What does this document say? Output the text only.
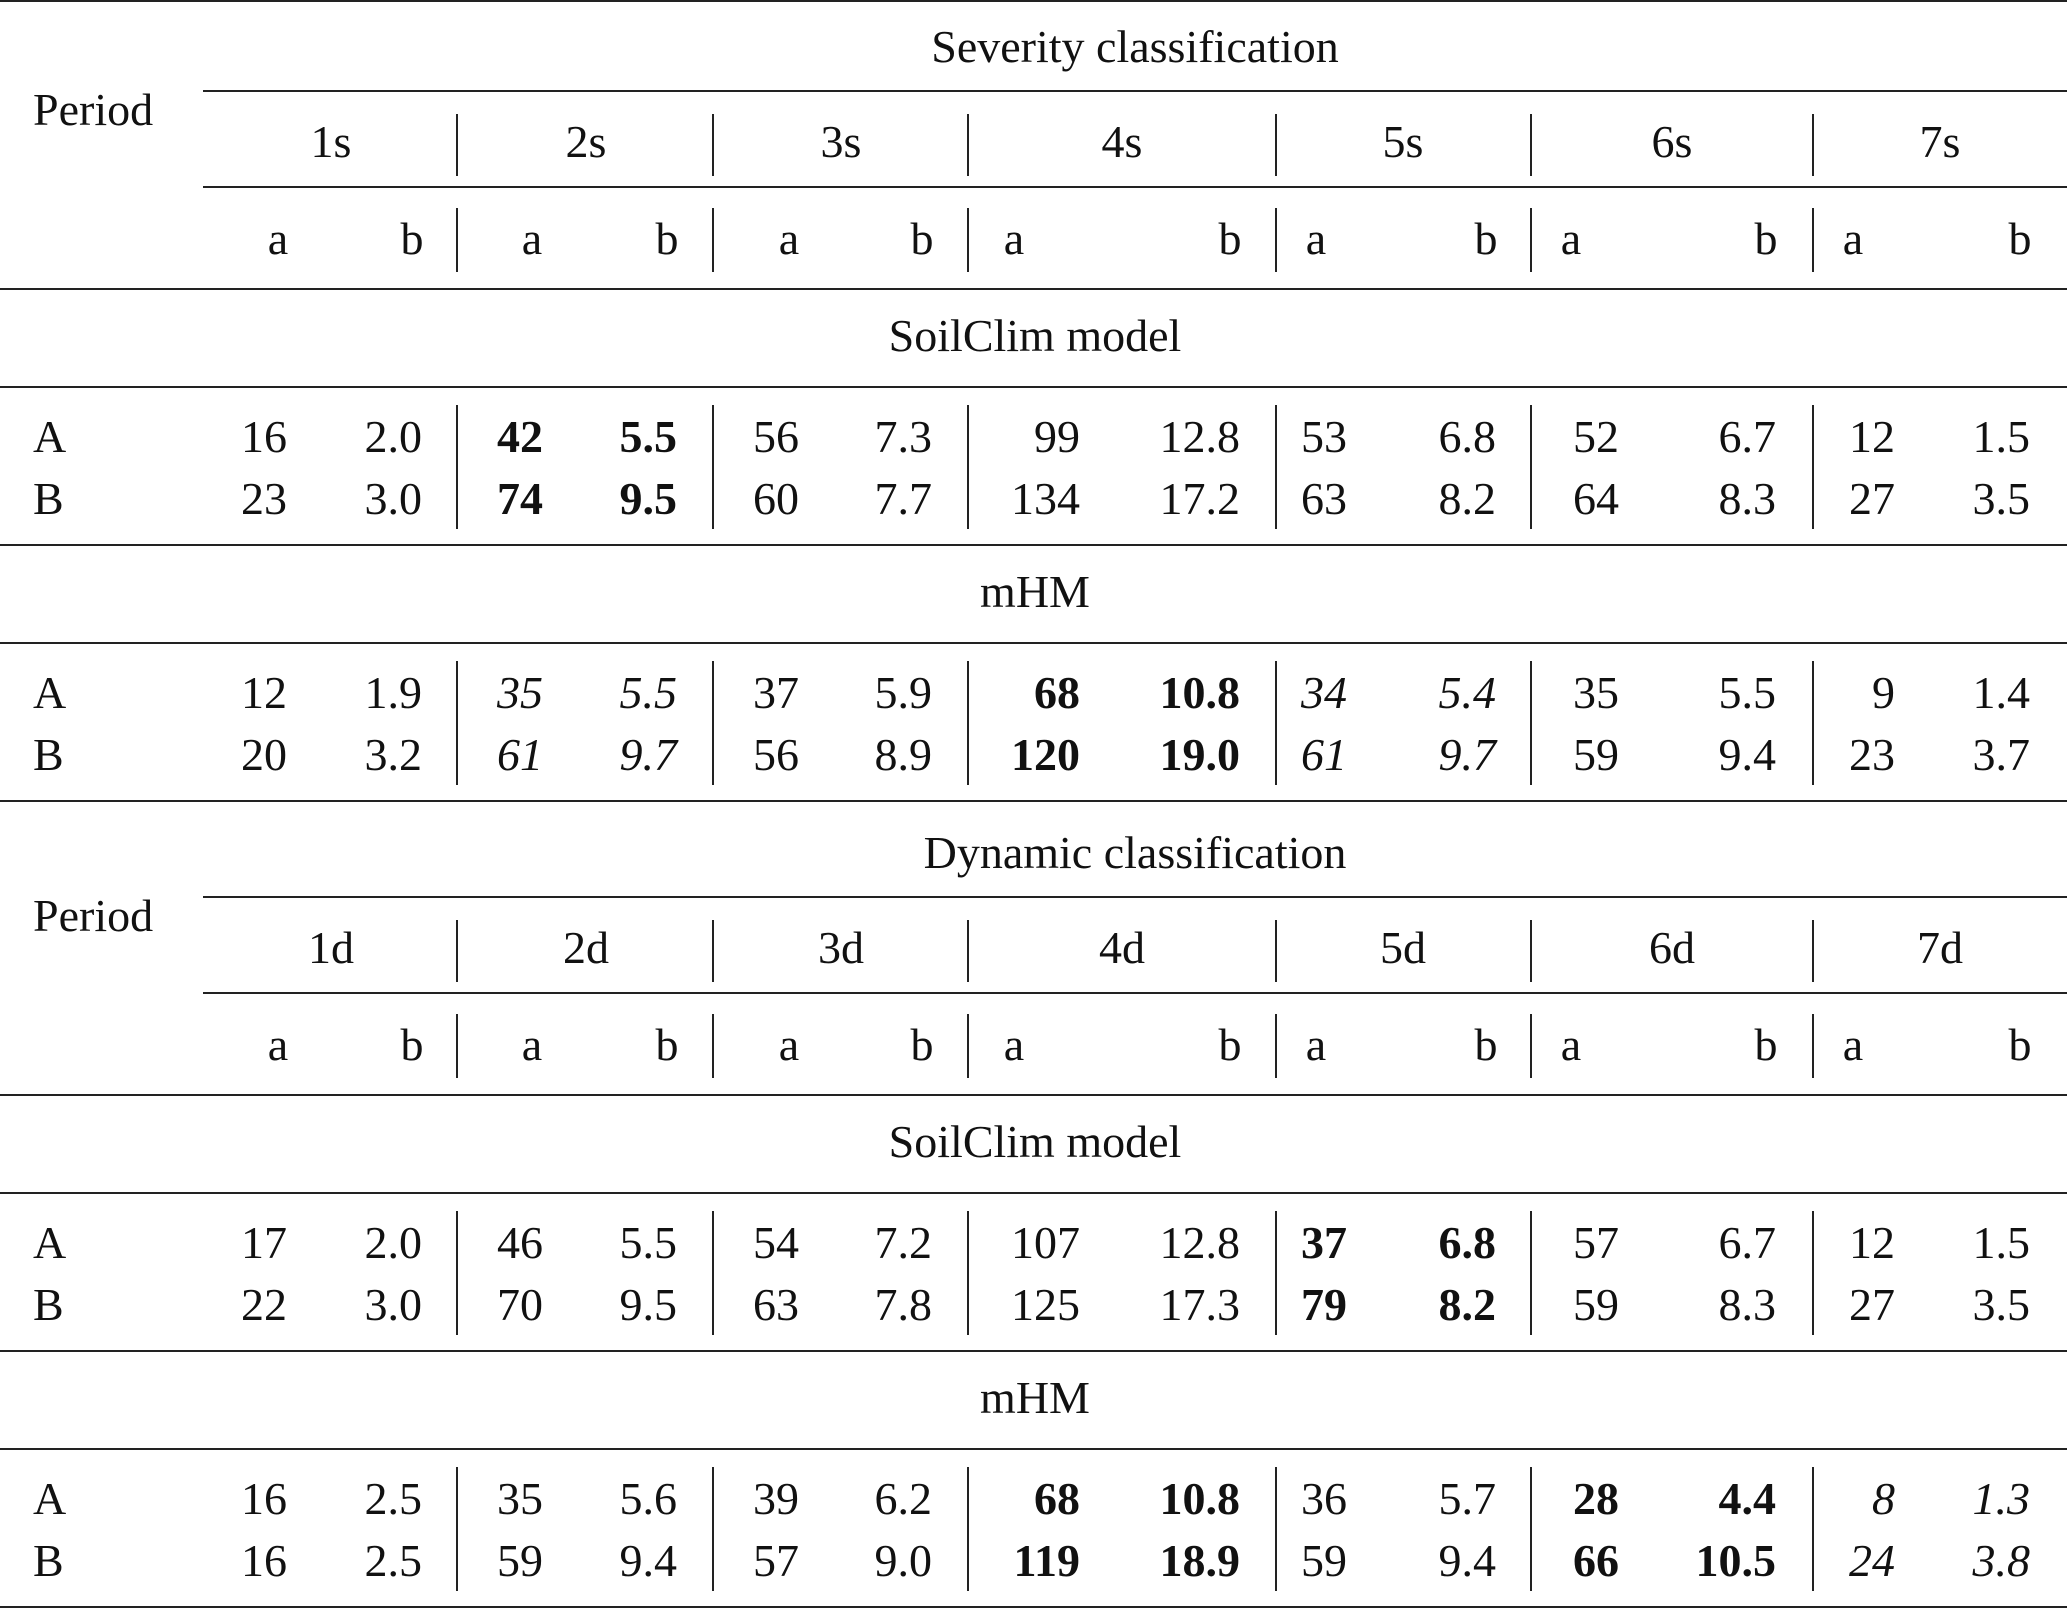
Severity classification
Period
1s	2s	3s	4s	5s	6s	7s
a b a b a b a	b a	b a	b a	b
SoilClim model
A	16 2.0 42 5.5 56 7.3 99 12.8 53 6.8 52 6.7 12 1.5
B	23 3.0 74 9.5 60 7.7 134 17.2 63 8.2 64 8.3 27 3.5
mHM
A	12 1.9 35 5.5 37 5.9 68 10.8 34 5.4 35 5.5 9 1.4
B	20 3.2 61 9.7 56 8.9 120 19.0 61 9.7 59 9.4 23 3.7
Dynamic classification
Period
1d	2d	3d	4d	5d	6d	7d
a b a b a b a	b a	b a	b a	b
SoilClim model
A	17 2.0 46 5.5 54 7.2 107 12.8 37 6.8 57 6.7 12 1.5
B	22 3.0 70 9.5 63 7.8 125 17.3 79 8.2 59 8.3 27 3.5
mHM
A	16 2.5 35 5.6 39 6.2 68 10.8 36 5.7 28 4.4 8 1.3
B	16 2.5 59 9.4 57 9.0 119 18.9 59 9.4 66 10.5 24 3.8
